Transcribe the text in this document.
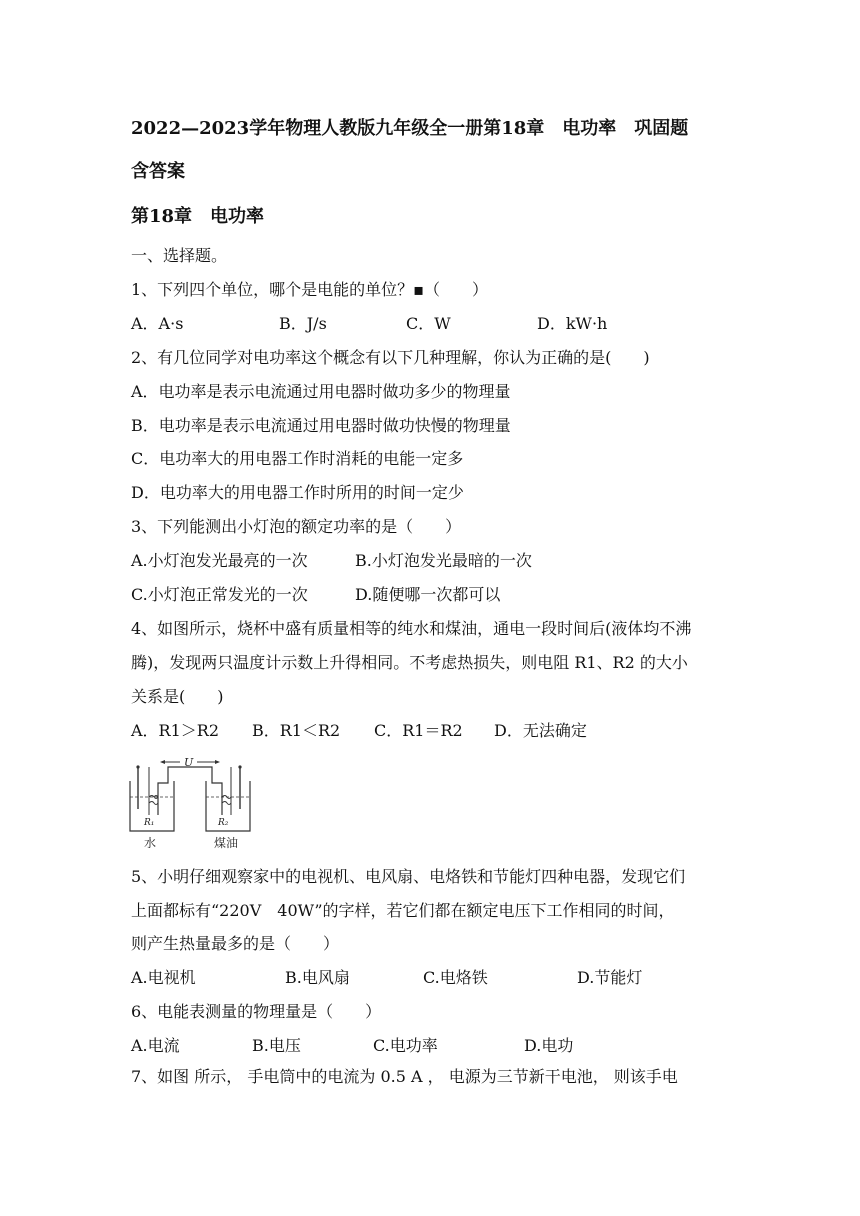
2022—2023学年物理人教版九年级全一册第18章　电功率　巩固题
含答案
第18章　电功率
一、选择题。
1、下列四个单位，哪个是电能的单位？▪（　　）
A．A·s	B．J/s	C．W	D．kW·h
2、有几位同学对电功率这个概念有以下几种理解，你认为正确的是(　　)
A．电功率是表示电流通过用电器时做功多少的物理量
B．电功率是表示电流通过用电器时做功快慢的物理量
C．电功率大的用电器工作时消耗的电能一定多
D．电功率大的用电器工作时所用的时间一定少
3、下列能测出小灯泡的额定功率的是（　　）
A.小灯泡发光最亮的一次	B.小灯泡发光最暗的一次
C.小灯泡正常发光的一次	D.随便哪一次都可以
4、如图所示，烧杯中盛有质量相等的纯水和煤油，通电一段时间后(液体均不沸
腾)，发现两只温度计示数上升得相同。不考虑热损失，则电阻 R1、R2 的大小
关系是(　　)
A．R1＞R2 B．R1＜R2 C．R1＝R2 D．无法确定
U
R₁	R₂
水	煤油
5、小明仔细观察家中的电视机、电风扇、电烙铁和节能灯四种电器，发现它们
上面都标有“220V　40W”的字样，若它们都在额定电压下工作相同的时间，
则产生热量最多的是（　　）
A.电视机	B.电风扇	C.电烙铁	D.节能灯
6、电能表测量的物理量是（　　）
A.电流	B.电压	C.电功率	D.电功
7、如图 所示， 手电筒中的电流为 0.5 A ， 电源为三节新干电池， 则该手电
